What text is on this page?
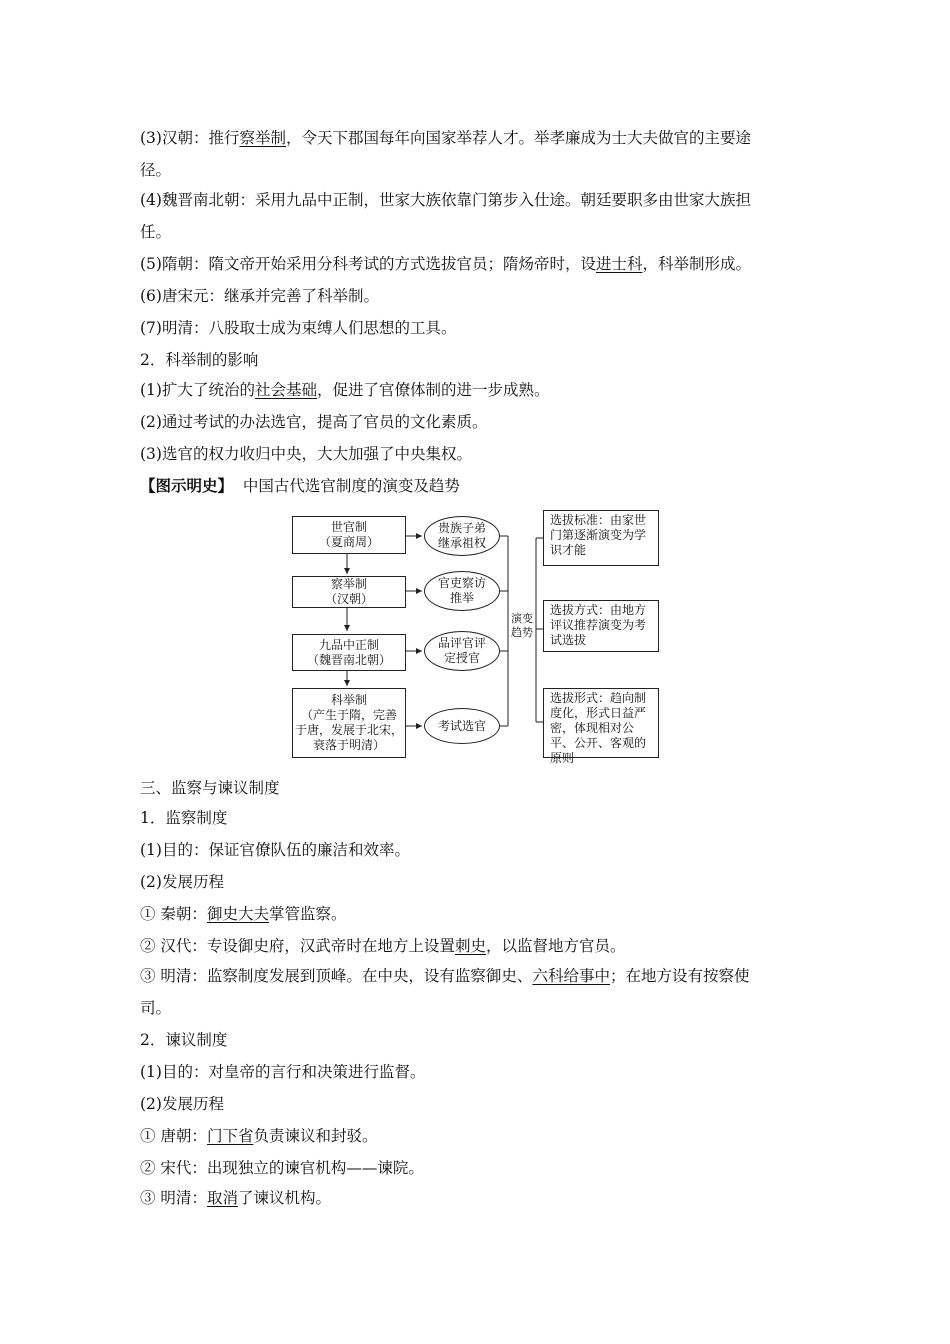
(3)汉朝：推行察举制，令天下郡国每年向国家举荐人才。举孝廉成为士大夫做官的主要途
径。
(4)魏晋南北朝：采用九品中正制，世家大族依靠门第步入仕途。朝廷要职多由世家大族担
任。
(5)隋朝：隋文帝开始采用分科考试的方式选拔官员；隋炀帝时，设进士科，科举制形成。
(6)唐宋元：继承并完善了科举制。
(7)明清：八股取士成为束缚人们思想的工具。
2．科举制的影响
(1)扩大了统治的社会基础，促进了官僚体制的进一步成熟。
(2)通过考试的办法选官，提高了官员的文化素质。
(3)选官的权力收归中央，大大加强了中央集权。
【图示明史】 中国古代选官制度的演变及趋势
世官制
（夏商周）
察举制
（汉朝）
九品中正制
（魏晋南北朝）
科举制
（产生于隋，完善
于唐，发展于北宋，
衰落于明清）
贵族子弟
继承祖权
官吏察访
推举
品评官评
定授官
考试选官
演变
趋势
选拔标准：由家世门第逐渐演变为学识才能
选拔方式：由地方评议推荐演变为考试选拔
选拔形式：趋向制度化，形式日益严密，体现相对公平、公开、客观的原则
三、监察与谏议制度
1．监察制度
(1)目的：保证官僚队伍的廉洁和效率。
(2)发展历程
① 秦朝：御史大夫掌管监察。
② 汉代：专设御史府，汉武帝时在地方上设置刺史，以监督地方官员。
③ 明清：监察制度发展到顶峰。在中央，设有监察御史、六科给事中；在地方设有按察使
司。
2．谏议制度
(1)目的：对皇帝的言行和决策进行监督。
(2)发展历程
① 唐朝：门下省负责谏议和封驳。
② 宋代：出现独立的谏官机构——谏院。
③ 明清：取消了谏议机构。
